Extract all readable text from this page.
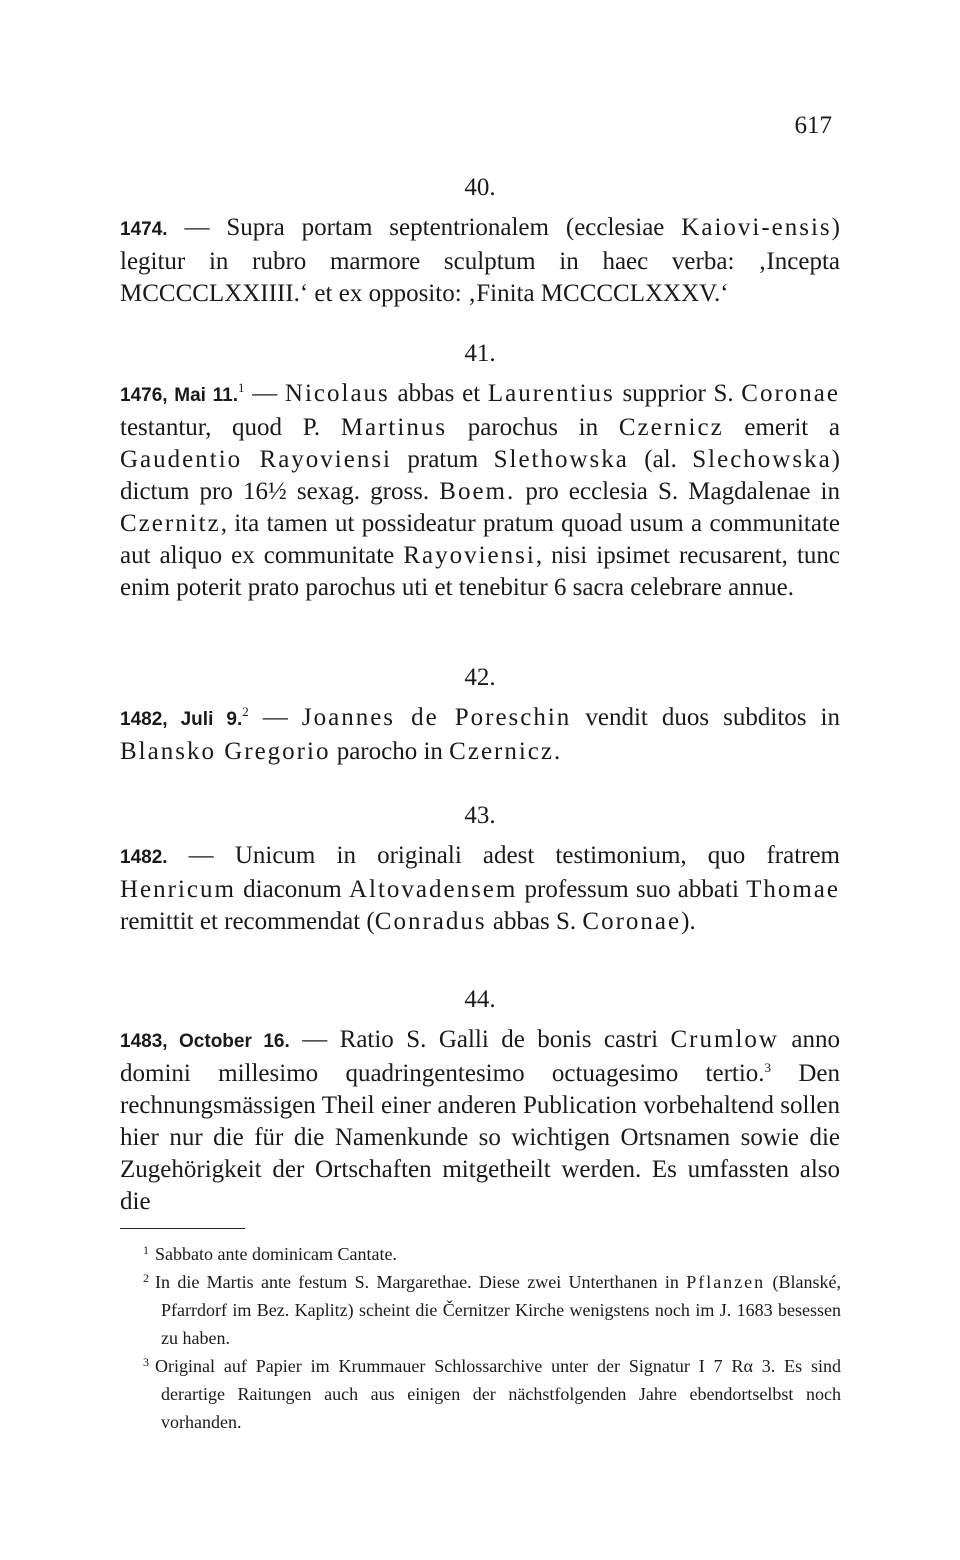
617

40.

1474. — Supra portam septentrionalem (ecclesiae Kaiovi-ensis) legitur in rubro marmore sculptum in haec verba: ‚Incepta MCCCCLXXIIII.‘ et ex opposito: ‚Finita MCCCCLXXXV.‘

41.

1476, Mai 11.$^1$ — Nicolaus abbas et Laurentius supprior S. Coronae testantur, quod P. Martinus parochus in Czernicz emerit a Gaudentio Rayoviensi pratum Slethowska (al. Slechowska) dictum pro 16½ sexag. gross. Boem. pro ecclesia S. Magdalenae in Czernitz, ita tamen ut possideatur pratum quoad usum a communitate aut aliquo ex communitate Rayoviensi, nisi ipsimet recusarent, tunc enim poterit prato parochus uti et tenebitur 6 sacra celebrare annue.

42.

1482, Juli 9.$^2$ — Joannes de Poreschin vendit duos subditos in Blansko Gregorio parocho in Czernicz.

43.

1482. — Unicum in originali adest testimonium, quo fratrem Henricum diaconum Altovadensem professum suo abbati Thomae remittit et recommendat (Conradus abbas S. Coronae).

44.

1483, October 16. — Ratio S. Galli de bonis castri Crumlow anno domini millesimo quadringentesimo octuagesimo tertio.$^3$ Den rechnungsmässigen Theil einer anderen Publication vorbehaltend sollen hier nur die für die Namenkunde so wichtigen Ortsnamen sowie die Zugehörigkeit der Ortschaften mitgetheilt werden. Es umfassten also die

$^1$ Sabbato ante dominicam Cantate.

$^2$ In die Martis ante festum S. Margarethae. Diese zwei Unterthanen in Pflanzen (Blanské, Pfarrdorf im Bez. Kaplitz) scheint die Černitzer Kirche wenigstens noch im J. 1683 besessen zu haben.

$^3$ Original auf Papier im Krummauer Schlossarchive unter der Signatur I 7 Rα 3. Es sind derartige Raitungen auch aus einigen der nächstfolgenden Jahre ebendortselbst noch vorhanden.
